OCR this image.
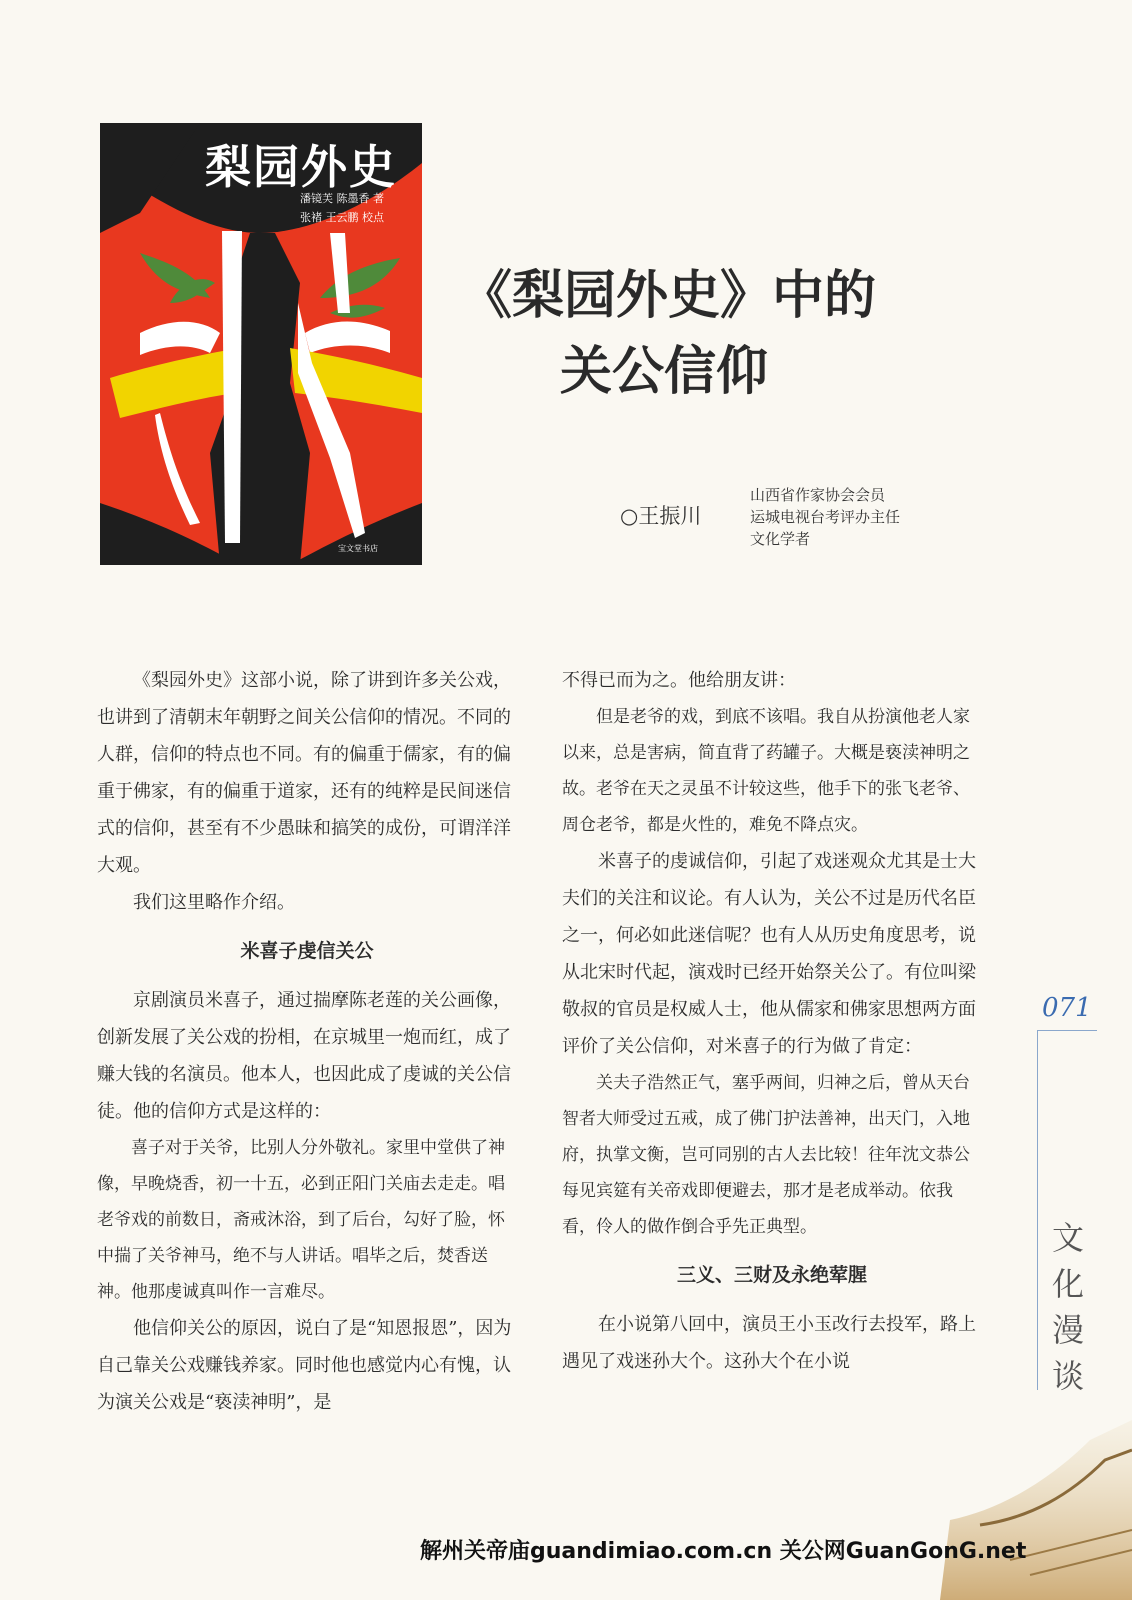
梨园外史
潘镜芙 陈墨香 著
张褚 王云鹏 校点
宝文堂书店
《梨园外史》中的
关公信仰
○王振川
山西省作家协会会员
运城电视台考评办主任
文化学者

《梨园外史》这部小说，除了讲到许多关公戏，也讲到了清朝末年朝野之间关公信仰的情况。不同的人群，信仰的特点也不同。有的偏重于儒家，有的偏重于佛家，有的偏重于道家，还有的纯粹是民间迷信式的信仰，甚至有不少愚昧和搞笑的成份，可谓洋洋大观。

我们这里略作介绍。

米喜子虔信关公

京剧演员米喜子，通过揣摩陈老莲的关公画像，创新发展了关公戏的扮相，在京城里一炮而红，成了赚大钱的名演员。他本人，也因此成了虔诚的关公信徒。他的信仰方式是这样的：

喜子对于关爷，比别人分外敬礼。家里中堂供了神像，早晚烧香，初一十五，必到正阳门关庙去走走。唱老爷戏的前数日，斋戒沐浴，到了后台，勾好了脸，怀中揣了关爷神马，绝不与人讲话。唱毕之后，焚香送神。他那虔诚真叫作一言难尽。

他信仰关公的原因，说白了是“知恩报恩”，因为自己靠关公戏赚钱养家。同时他也感觉内心有愧，认为演关公戏是“亵渎神明”，是

不得已而为之。他给朋友讲：

但是老爷的戏，到底不该唱。我自从扮演他老人家以来，总是害病，简直背了药罐子。大概是亵渎神明之故。老爷在天之灵虽不计较这些，他手下的张飞老爷、周仓老爷，都是火性的，难免不降点灾。

米喜子的虔诚信仰，引起了戏迷观众尤其是士大夫们的关注和议论。有人认为，关公不过是历代名臣之一，何必如此迷信呢？也有人从历史角度思考，说从北宋时代起，演戏时已经开始祭关公了。有位叫梁敬叔的官员是权威人士，他从儒家和佛家思想两方面评价了关公信仰，对米喜子的行为做了肯定：

关夫子浩然正气，塞乎两间，归神之后，曾从天台智者大师受过五戒，成了佛门护法善神，出天门，入地府，执掌文衡，岂可同别的古人去比较！往年沈文恭公每见宾筵有关帝戏即便避去，那才是老成举动。依我看，伶人的做作倒合乎先正典型。

三义、三财及永绝荤腥

在小说第八回中，演员王小玉改行去投军，路上遇见了戏迷孙大个。这孙大个在小说

071
文化漫谈
解州关帝庙guandimiao.com.cn 关公网GuanGonG.net
